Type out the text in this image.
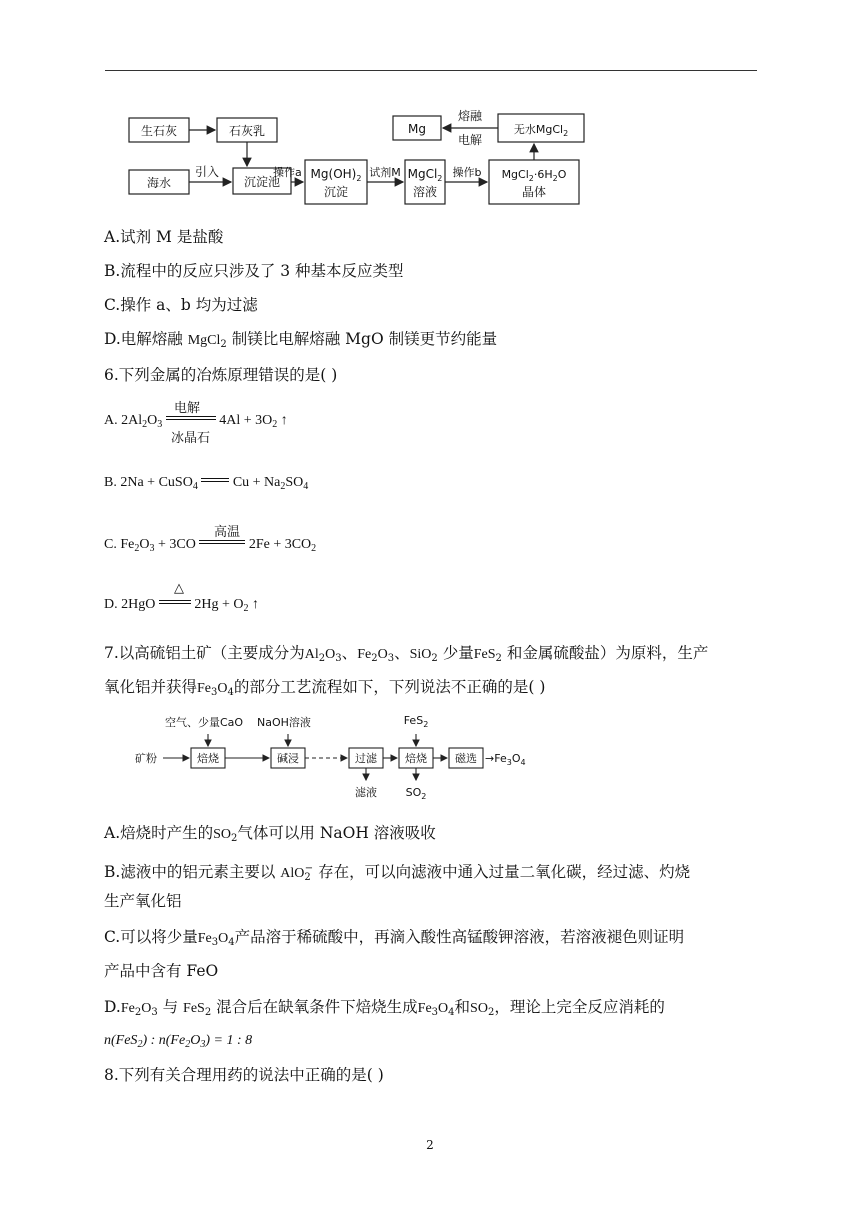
生石灰	石灰乳
海水
引入
沉淀池
操作a $Mg(OH)_2$
沉淀
试剂M MgCl$_2$
溶液
操作b $MgCl_2\cdot 6H_2O$
晶体
无水MgCl$_2$
熔融
电解
Mg
A.试剂 M 是盐酸
B.流程中的反应只涉及了 3 种基本反应类型
C.操作 a、b 均为过滤
D.电解熔融 MgCl$_2$ 制镁比电解熔融 MgO 制镁更节约能量
6.下列金属的冶炼原理错误的是( )
A. $2Al_2O_3$	$4Al + 3O_2$ ↑
电解
冰晶石
B. 2Na + CuSO$_4$	$Cu + Na_2SO_4$
C. $Fe_2O_3 + 3CO$	$2Fe + 3CO_2$
高温
D. 2HgO	$2Hg + O_2$ ↑
△
7.以高硫铝土矿（主要成分为$Al_2O_3$、$Fe_2O_3$、SiO$_2$ 少量FeS$_2$ 和金属硫酸盐）为原料，生产
氧化铝并获得$Fe_3O_4$的部分工艺流程如下，下列说法不正确的是( )
矿粉
空气、少量CaO NaOH溶液
焙烧	碱浸	过滤	焙烧	磁选
FeS$_2$
滤液	$SO_2$
$\to Fe_3O_4$
A.焙烧时产生的$SO_2$气体可以用 NaOH 溶液吸收
B.滤液中的铝元素主要以 AlO$_2$− 存在，可以向滤液中通入过量二氧化碳，经过滤、灼烧
生产氧化铝
C.可以将少量$Fe_3O_4$产品溶于稀硫酸中，再滴入酸性高锰酸钾溶液，若溶液褪色则证明
产品中含有 FeO
$D.Fe_2O_3$ 与 FeS$_2$ 混合后在缺氧条件下焙烧生成$Fe_3O_4$和$SO_2$，理论上完全反应消耗的
n(FeS$_2$) : $n(Fe_2O_3) = 1$ : 8
8.下列有关合理用药的说法中正确的是( )
2
